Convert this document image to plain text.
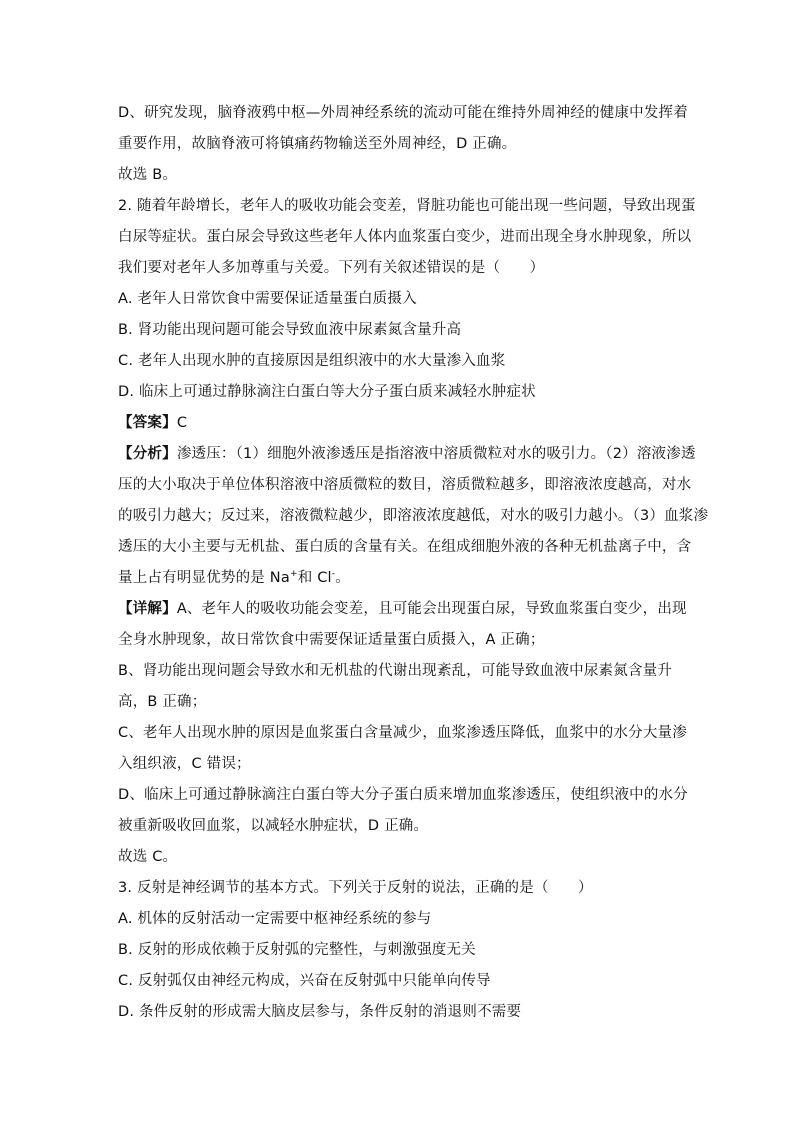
D、研究发现，脑脊液鸦中枢—外周神经系统的流动可能在维持外周神经的健康中发挥着
重要作用，故脑脊液可将镇痛药物输送至外周神经，D 正确。
故选 B。
2. 随着年龄增长，老年人的吸收功能会变差，肾脏功能也可能出现一些问题，导致出现蛋
白尿等症状。蛋白尿会导致这些老年人体内血浆蛋白变少，进而出现全身水肿现象，所以
我们要对老年人多加尊重与关爱。下列有关叙述错误的是（　　）
A. 老年人日常饮食中需要保证适量蛋白质摄入
B. 肾功能出现问题可能会导致血液中尿素氮含量升高
C. 老年人出现水肿的直接原因是组织液中的水大量渗入血浆
D. 临床上可通过静脉滴注白蛋白等大分子蛋白质来减轻水肿症状
【答案】C
【分析】渗透压：（1）细胞外液渗透压是指溶液中溶质微粒对水的吸引力。（2）溶液渗透
压的大小取决于单位体积溶液中溶质微粒的数目，溶质微粒越多，即溶液浓度越高，对水
的吸引力越大；反过来，溶液微粒越少，即溶液浓度越低，对水的吸引力越小。（3）血浆渗
透压的大小主要与无机盐、蛋白质的含量有关。在组成细胞外液的各种无机盐离子中，含
量上占有明显优势的是 Na+和 Cl-。
【详解】A、老年人的吸收功能会变差，且可能会出现蛋白尿，导致血浆蛋白变少，出现
全身水肿现象，故日常饮食中需要保证适量蛋白质摄入，A 正确；
B、肾功能出现问题会导致水和无机盐的代谢出现紊乱，可能导致血液中尿素氮含量升
高，B 正确；
C、老年人出现水肿的原因是血浆蛋白含量减少，血浆渗透压降低，血浆中的水分大量渗
入组织液，C 错误；
D、临床上可通过静脉滴注白蛋白等大分子蛋白质来增加血浆渗透压，使组织液中的水分
被重新吸收回血浆，以减轻水肿症状，D 正确。
故选 C。
3. 反射是神经调节的基本方式。下列关于反射的说法，正确的是（　　）
A. 机体的反射活动一定需要中枢神经系统的参与
B. 反射的形成依赖于反射弧的完整性，与刺激强度无关
C. 反射弧仅由神经元构成，兴奋在反射弧中只能单向传导
D. 条件反射的形成需大脑皮层参与，条件反射的消退则不需要
